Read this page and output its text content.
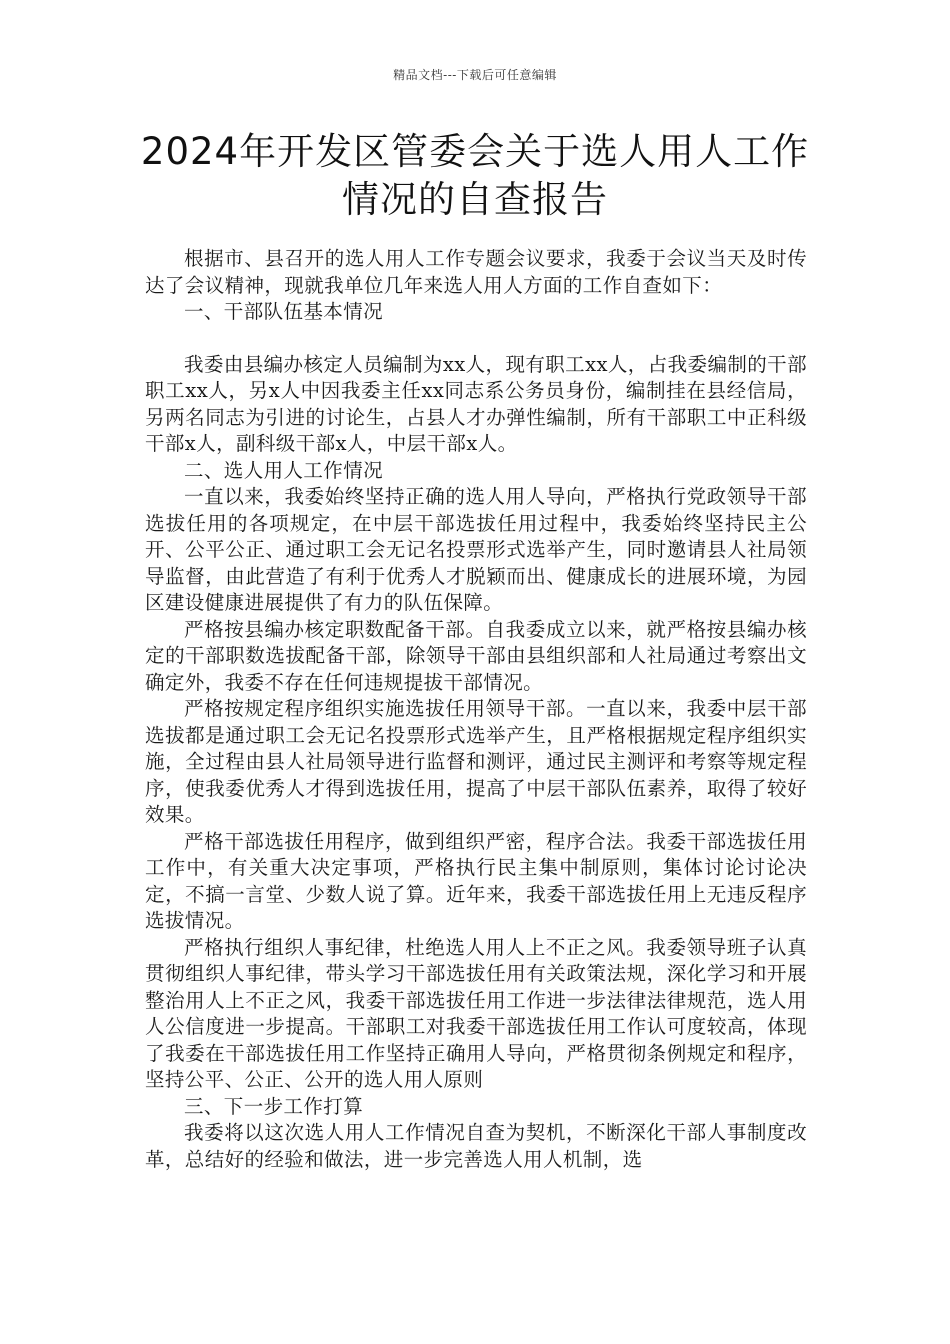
精品文档---下载后可任意编辑
2024年开发区管委会关于选人用人工作
情况的自查报告

根据市、县召开的选人用人工作专题会议要求，我委于会议当天及时传达了会议精神，现就我单位几年来选人用人方面的工作自查如下：

一、干部队伍基本情况

我委由县编办核定人员编制为xx人，现有职工xx人，占我委编制的干部职工xx人，另x人中因我委主任xx同志系公务员身份，编制挂在县经信局，另两名同志为引进的讨论生，占县人才办弹性编制，所有干部职工中正科级干部x人，副科级干部x人，中层干部x人。

二、选人用人工作情况

一直以来，我委始终坚持正确的选人用人导向，严格执行党政领导干部选拔任用的各项规定，在中层干部选拔任用过程中，我委始终坚持民主公开、公平公正、通过职工会无记名投票形式选举产生，同时邀请县人社局领导监督，由此营造了有利于优秀人才脱颖而出、健康成长的进展环境，为园区建设健康进展提供了有力的队伍保障。

严格按县编办核定职数配备干部。自我委成立以来，就严格按县编办核定的干部职数选拔配备干部，除领导干部由县组织部和人社局通过考察出文确定外，我委不存在任何违规提拔干部情况。

严格按规定程序组织实施选拔任用领导干部。一直以来，我委中层干部选拔都是通过职工会无记名投票形式选举产生，且严格根据规定程序组织实施，全过程由县人社局领导进行监督和测评，通过民主测评和考察等规定程序，使我委优秀人才得到选拔任用，提高了中层干部队伍素养，取得了较好效果。

严格干部选拔任用程序，做到组织严密，程序合法。我委干部选拔任用工作中，有关重大决定事项，严格执行民主集中制原则，集体讨论讨论决定，不搞一言堂、少数人说了算。近年来，我委干部选拔任用上无违反程序选拔情况。

严格执行组织人事纪律，杜绝选人用人上不正之风。我委领导班子认真贯彻组织人事纪律，带头学习干部选拔任用有关政策法规，深化学习和开展整治用人上不正之风，我委干部选拔任用工作进一步法律法律规范，选人用人公信度进一步提高。干部职工对我委干部选拔任用工作认可度较高，体现了我委在干部选拔任用工作坚持正确用人导向，严格贯彻条例规定和程序，坚持公平、公正、公开的选人用人原则

三、下一步工作打算

我委将以这次选人用人工作情况自查为契机，不断深化干部人事制度改革，总结好的经验和做法，进一步完善选人用人机制，选
